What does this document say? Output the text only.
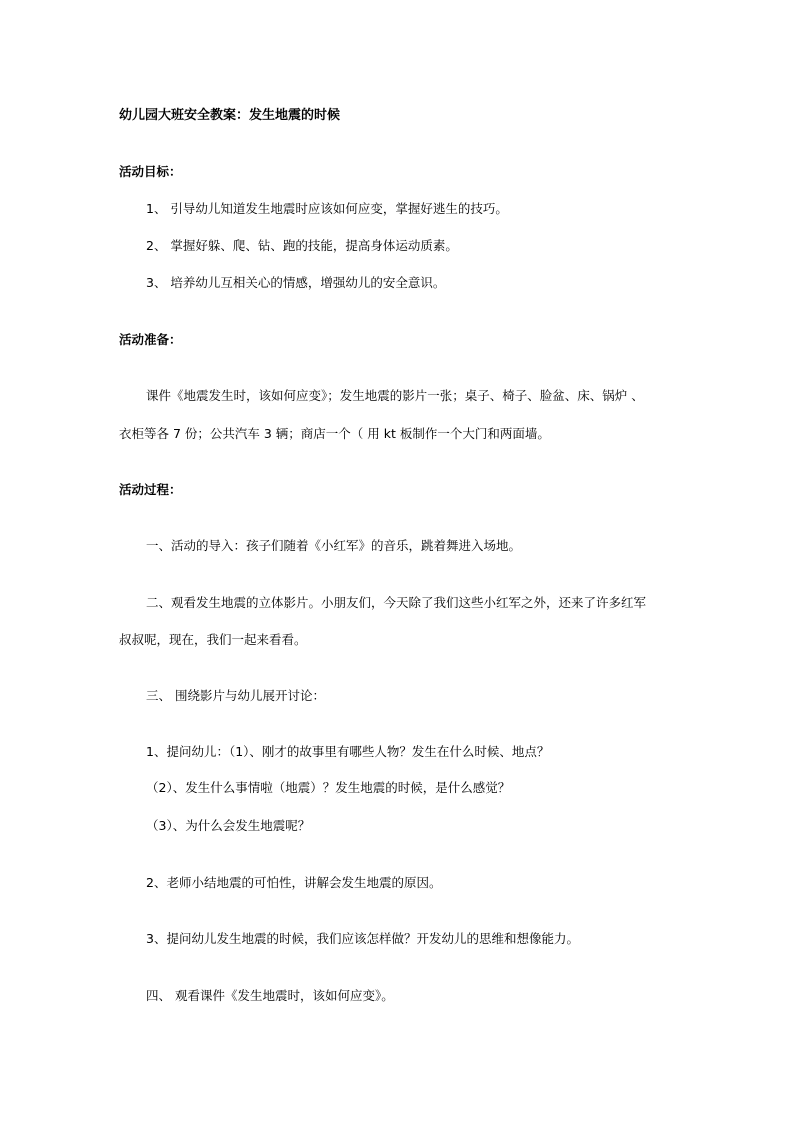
幼儿园大班安全教案：发生地震的时候
活动目标：
1、 引导幼儿知道发生地震时应该如何应变，掌握好逃生的技巧。
2、 掌握好躲、爬、钻、跑的技能，提高身体运动质素。
3、 培养幼儿互相关心的情感，增强幼儿的安全意识。
活动准备：
课件《地震发生时，该如何应变》；发生地震的影片一张；桌子、椅子、脸盆、床、锅炉 、
衣柜等各 7 份；公共汽车 3 辆；商店一个（ 用 kt 板制作一个大门和两面墙。
活动过程：
一、活动的导入：孩子们随着《小红军》的音乐，跳着舞进入场地。
二、观看发生地震的立体影片。小朋友们，今天除了我们这些小红军之外，还来了许多红军
叔叔呢，现在，我们一起来看看。
三、 围绕影片与幼儿展开讨论：
1、提问幼儿：（1）、刚才的故事里有哪些人物？发生在什么时候、地点？
（2）、发生什么事情啦（地震）？发生地震的时候，是什么感觉？
（3）、为什么会发生地震呢？
2、老师小结地震的可怕性，讲解会发生地震的原因。
3、提问幼儿发生地震的时候，我们应该怎样做？开发幼儿的思维和想像能力。
四、 观看课件《发生地震时，该如何应变》。
